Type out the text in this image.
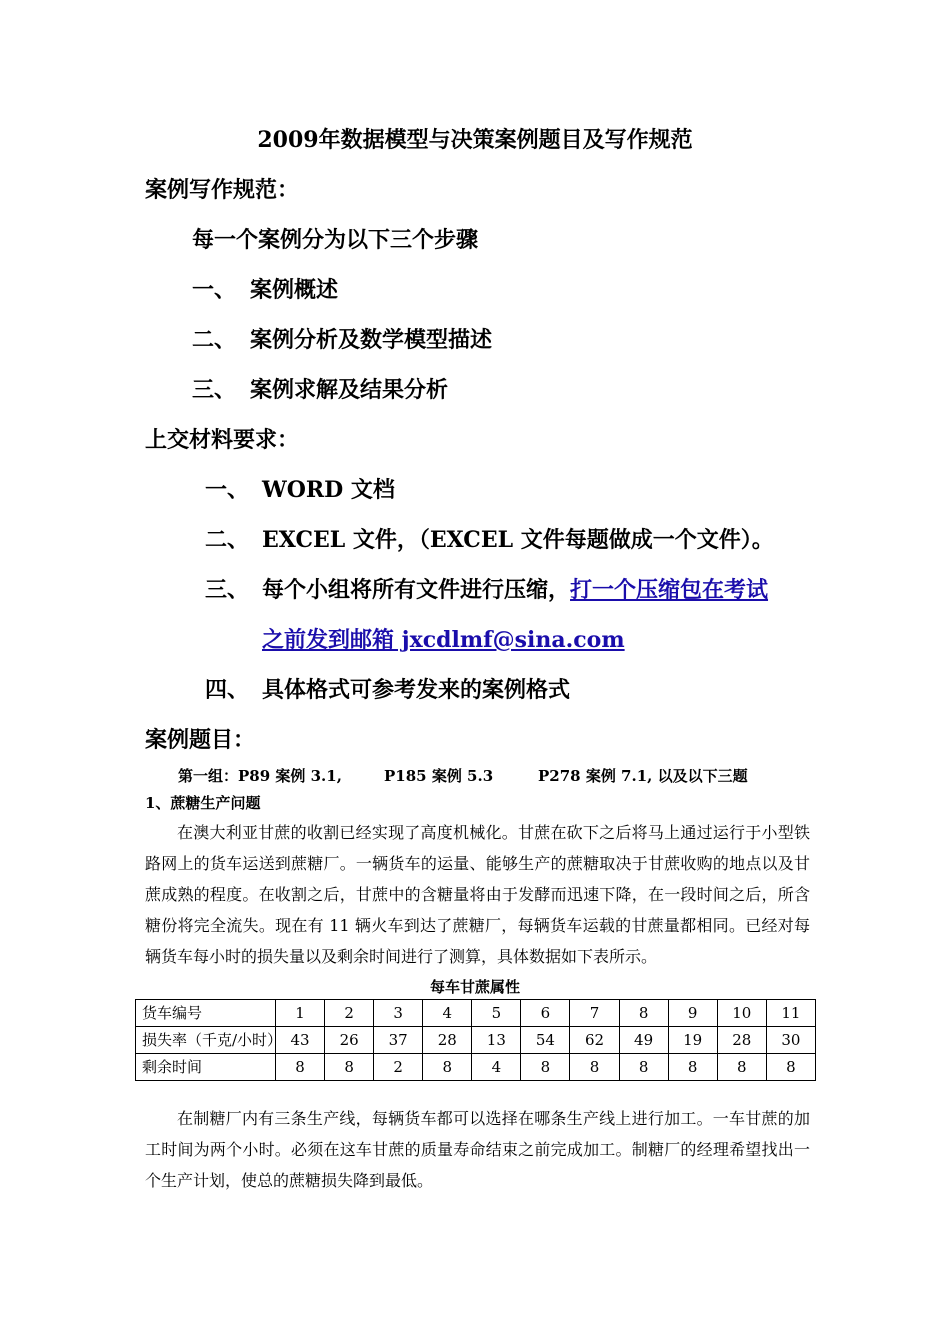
2009年数据模型与决策案例题目及写作规范
案例写作规范：
每一个案例分为以下三个步骤
一、 案例概述
二、 案例分析及数学模型描述
三、 案例求解及结果分析
上交材料要求：
一、 WORD 文档
二、 EXCEL 文件，（EXCEL 文件每题做成一个文件）。
三、 每个小组将所有文件进行压缩，打一个压缩包在考试
之前发到邮箱 jxcdlmf@sina.com
四、 具体格式可参考发来的案例格式
案例题目：
第一组：P89 案例 3.1,	P185 案例 5.3	P278 案例 7.1, 以及以下三题
1、蔗糖生产问题
在澳大利亚甘蔗的收割已经实现了高度机械化。甘蔗在砍下之后将马上通过运行于小型铁路网上的货车运送到蔗糖厂。一辆货车的运量、能够生产的蔗糖取决于甘蔗收购的地点以及甘蔗成熟的程度。在收割之后，甘蔗中的含糖量将由于发酵而迅速下降，在一段时间之后，所含糖份将完全流失。现在有 11 辆火车到达了蔗糖厂，每辆货车运载的甘蔗量都相同。已经对每辆货车每小时的损失量以及剩余时间进行了测算，具体数据如下表所示。
每车甘蔗属性
货车编号	1	2	3	4	5	6	7	8	9	10	11
损失率（千克/小时）	43	26	37	28	13	54	62	49	19	28	30
剩余时间	8	8	2	8	4	8	8	8	8	8	8
在制糖厂内有三条生产线，每辆货车都可以选择在哪条生产线上进行加工。一车甘蔗的加工时间为两个小时。必须在这车甘蔗的质量寿命结束之前完成加工。制糖厂的经理希望找出一个生产计划，使总的蔗糖损失降到最低。
